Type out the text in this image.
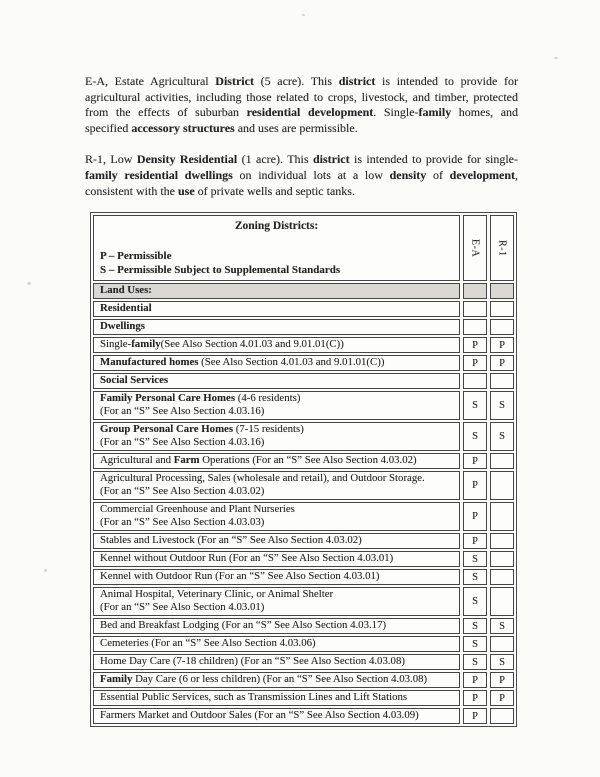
E-A, Estate Agricultural District (5 acre). This district is intended to provide for agricultural activities, including those related to crops, livestock, and timber, protected from the effects of suburban residential development. Single-family homes, and specified accessory structures and uses are permissible.

R-1, Low Density Residential (1 acre). This district is intended to provide for single-family residential dwellings on individual lots at a low density of development, consistent with the use of private wells and septic tanks.

Zoning Districts:
P – Permissible
S – Permissible Subject to Supplemental Standards
E-A	R-1
Land Uses:
Residential
Dwellings
Single-family(See Also Section 4.01.03 and 9.01.01(C))	P	P
Manufactured homes (See Also Section 4.01.03 and 9.01.01(C))	P	P
Social Services
Family Personal Care Homes (4-6 residents)
(For an “S” See Also Section 4.03.16)	S	S
Group Personal Care Homes (7-15 residents)
(For an “S” See Also Section 4.03.16)	S	S
Agricultural and Farm Operations (For an “S” See Also Section 4.03.02)	P
Agricultural Processing, Sales (wholesale and retail), and Outdoor Storage.
(For an “S” See Also Section 4.03.02)	P
Commercial Greenhouse and Plant Nurseries
(For an “S” See Also Section 4.03.03)	P
Stables and Livestock (For an “S” See Also Section 4.03.02)	P
Kennel without Outdoor Run (For an “S” See Also Section 4.03.01)	S
Kennel with Outdoor Run (For an “S” See Also Section 4.03.01)	S
Animal Hospital, Veterinary Clinic, or Animal Shelter
(For an “S” See Also Section 4.03.01)	S
Bed and Breakfast Lodging (For an “S” See Also Section 4.03.17)	S	S
Cemeteries (For an “S” See Also Section 4.03.06)	S
Home Day Care (7-18 children) (For an “S” See Also Section 4.03.08)	S	S
Family Day Care (6 or less children) (For an “S” See Also Section 4.03.08)	P	P
Essential Public Services, such as Transmission Lines and Lift Stations	P	P
Farmers Market and Outdoor Sales (For an “S” See Also Section 4.03.09)	P
